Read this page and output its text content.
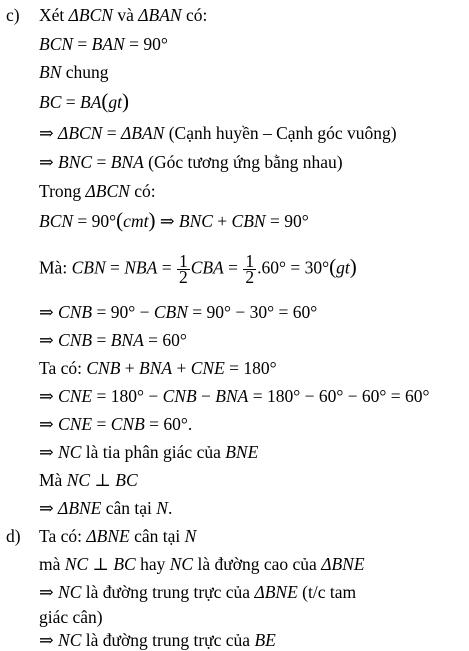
c) Xét ΔBCN và ΔBAN có:
BCN = BAN = 90°
BN chung
BC = BA(gt)
⇒ ΔBCN = ΔBAN (Cạnh huyền – Cạnh góc vuông)
⇒ BNC = BNA (Góc tương ứng bằng nhau)
Trong ΔBCN có:
BCN = 90°(cmt) ⇒ BNC + CBN = 90°
Mà: CBN = NBA = $\frac{1}{2}$ CBA = $\frac{1}{2} .60^\circ = 30^\circ(gt)$
⇒ CNB = 90° − CBN = 90° − 30° = 60°
⇒ CNB = BNA = 60°
Ta có: CNB + BNA + CNE = 180°
⇒ CNE = 180° − CNB − BNA = 180° − 60° − 60° = 60°
⇒ CNE = CNB = 60°.
⇒ NC là tia phân giác của BNE
Mà NC ⊥ BC
⇒ ΔBNE cân tại N.
d) Ta có: ΔBNE cân tại N
mà NC ⊥ BC hay NC là đường cao của ΔBNE
⇒ NC là đường trung trực của ΔBNE (t/c tam
giác cân)
⇒ NC là đường trung trực của BE
